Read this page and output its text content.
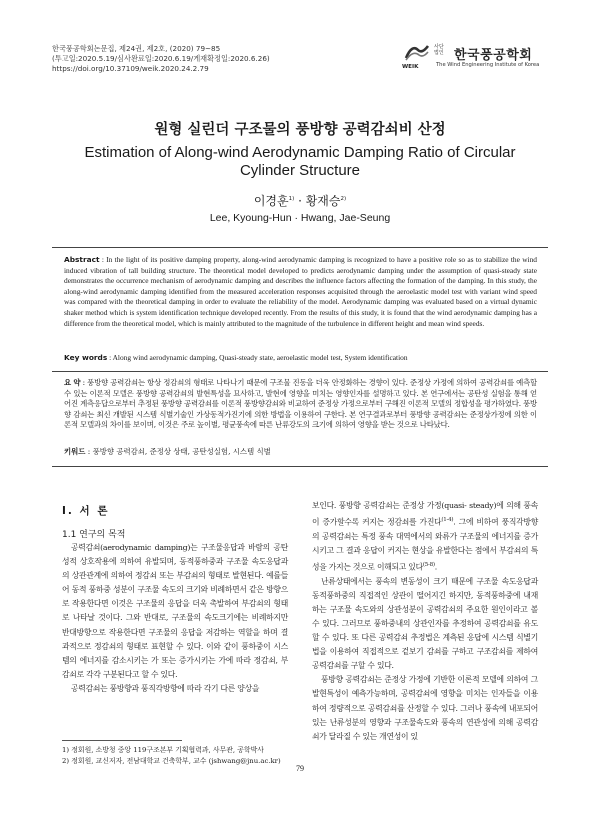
한국풍공학회논문집, 제24권, 제2호, (2020) 79~85
(투고일:2020.5.19/심사완료일:2020.6.19/게재확정일:2020.6.26)
https://doi.org/10.37109/weik.2020.24.2.79
사단
법인 한국풍공학회
WEIK	The Wind Engineering Institute of Korea
원형 실린더 구조물의 풍방향 공력감쇠비 산정
Estimation of Along-wind Aerodynamic Damping Ratio of Circular Cylinder Structure
이경훈$^{1)}$ · 황재승$^{2)}$
Lee, Kyoung-Hun · Hwang, Jae-Seung
Abstract : In the light of its positive damping property, along-wind aerodynamic damping is recognized to have a positive role so as to stabilize the wind induced vibration of tall building structure. The theoretical model developed to predicts aerodynamic damping under the assumption of quasi-steady state demonstrates the occurrence mechanism of aerodynamic damping and describes the influence factors affecting the formation of the damping. In this study, the along-wind aerodynamic damping identified from the measured acceleration responses acquisited through the aeroelastic model test with variant wind speed was compared with the theoretical damping in order to evaluate the reliability of the model. Aerodynamic damping was evaluated based on a virtual dynamic shaker method which is system identification technique developed recently. From the results of this study, it is found that the wind aerodynamic damping has a difference from the theoretical model, which is mainly attributed to the magnitude of the turbulence in different height and mean wind speeds.
Key words : Along wind aerodynamic damping, Quasi-steady state, aeroelastic model test, System identification
요 약 : 풍방향 공력감쇠는 항상 정감쇠의 형태로 나타나기 때문에 구조물 진동을 더욱 안정화하는 경향이 있다. 준정상 가정에 의하여 공력감쇠를 예측할 수 있는 이론적 모델은 풍방향 공력감쇠의 발현특성을 묘사하고, 발현에 영향을 미치는 영향인자를 설명하고 있다. 본 연구에서는 공탄성 실험을 통해 얻어진 계측응답으로부터 추정된 풍방향 공력감쇠를 이론적 풍방향감쇠와 비교하여 준정상 가정으로부터 구해진 이론적 모델의 정합성을 평가하였다. 풍방향 감쇠는 최신 개발된 시스템 식별기술인 가상동적가진기에 의한 방법을 이용하여 구한다. 본 연구결과로부터 풍방향 공력감쇠는 준정상가정에 의한 이론적 모델과의 차이를 보이며, 이것은 주로 높이별, 평균풍속에 따른 난류강도의 크기에 의하여 영향을 받는 것으로 나타났다.
키워드 : 풍방향 공력감쇠, 준정상 상태, 공탄성실험, 시스템 식별
I. 서 론
1.1 연구의 목적

공력감쇠(aerodynamic damping)는 구조물응답과 바람의 공탄성적 상호작용에 의하여 유발되며, 동적풍하중과 구조물 속도응답과의 상관관계에 의하여 정감쇠 또는 부감쇠의 형태로 발현된다. 예를들어 동적 풍하중 성분이 구조물 속도의 크기와 비례하면서 같은 방향으로 작용한다면 이것은 구조물의 응답을 더욱 촉발하여 부감쇠의 형태로 나타날 것이다. 그와 반대로, 구조물의 속도크기에는 비례하지만 반대방향으로 작용한다면 구조물의 응답을 저감하는 역할을 하며 결과적으로 정감쇠의 형태로 표현할 수 있다. 이와 같이 풍하중이 시스템의 에너지를 감소시키는 가 또는 증가시키는 가에 따라 정감쇠, 부감쇠로 각각 구분된다고 할 수 있다.

공력감쇠는 풍방향과 풍직각방향에 따라 각기 다른 양상을

보인다. 풍방향 공력감쇠는 준정상 가정(quasi- steady)에 의해 풍속이 증가할수록 커지는 정감쇠를 가진다$^{(1-4)}$. 그에 비하여 풍직각방향의 공력감쇠는 특정 풍속 대역에서의 와류가 구조물의 에너지를 증가시키고 그 결과 응답이 커지는 현상을 유발한다는 점에서 부감쇠의 특성을 가지는 것으로 이해되고 있다$^{(5-8)}$.

난류상태에서는 풍속의 변동성이 크기 때문에 구조물 속도응답과 동적풍하중의 직접적인 상관이 떨어지긴 하지만, 동적풍하중에 내재하는 구조물 속도와의 상관성분이 공력감쇠의 주요한 원인이라고 볼 수 있다. 그러므로 풍하중내의 상관인자를 추정하여 공력감쇠를 유도할 수 있다. 또 다른 공력감쇠 추정법은 계측된 응답에 시스템 식별기법을 이용하여 직접적으로 겉보기 감쇠를 구하고 구조감쇠를 제하여 공력감쇠를 구할 수 있다.

풍방향 공력감쇠는 준정상 가정에 기반한 이론적 모델에 의하여 그 발현특성이 예측가능하며, 공력감쇠에 영향을 미치는 인자들을 이용하여 정량적으로 공력감쇠를 산정할 수 있다. 그러나 풍속에 내포되어 있는 난류성분의 영향과 구조물속도와 풍속의 연관성에 의해 공력감쇠가 달라질 수 있는 개연성이 있

1) 정회원, 소방청 중앙 119구조본부 기획협력과, 사무관, 공학박사
2) 정회원, 교신저자, 전남대학교 건축학부, 교수 (jshwang@jnu.ac.kr)
79
